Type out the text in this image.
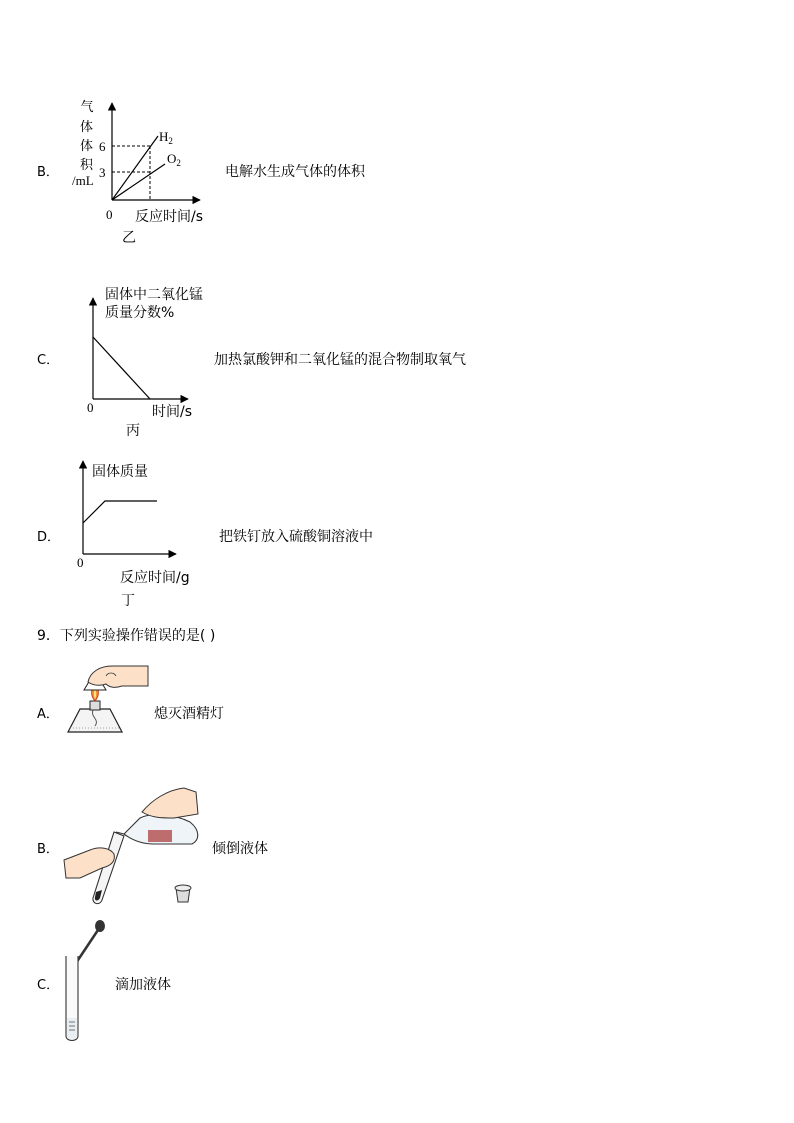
B．
气
体
体
积
/mL
6
3
0 反应时间/s
乙
$H_2$
$O_2$
电解水生成气体的体积
C．
固体中二氧化锰
质量分数%
0	时间/s
丙
加热氯酸钾和二氧化锰的混合物制取氧气
D．
固体质量
0
反应时间/g
丁
把铁钉放入硫酸铜溶液中
9．下列实验操作错误的是( )
A．	熄灭酒精灯
B．	倾倒液体
C．	滴加液体
